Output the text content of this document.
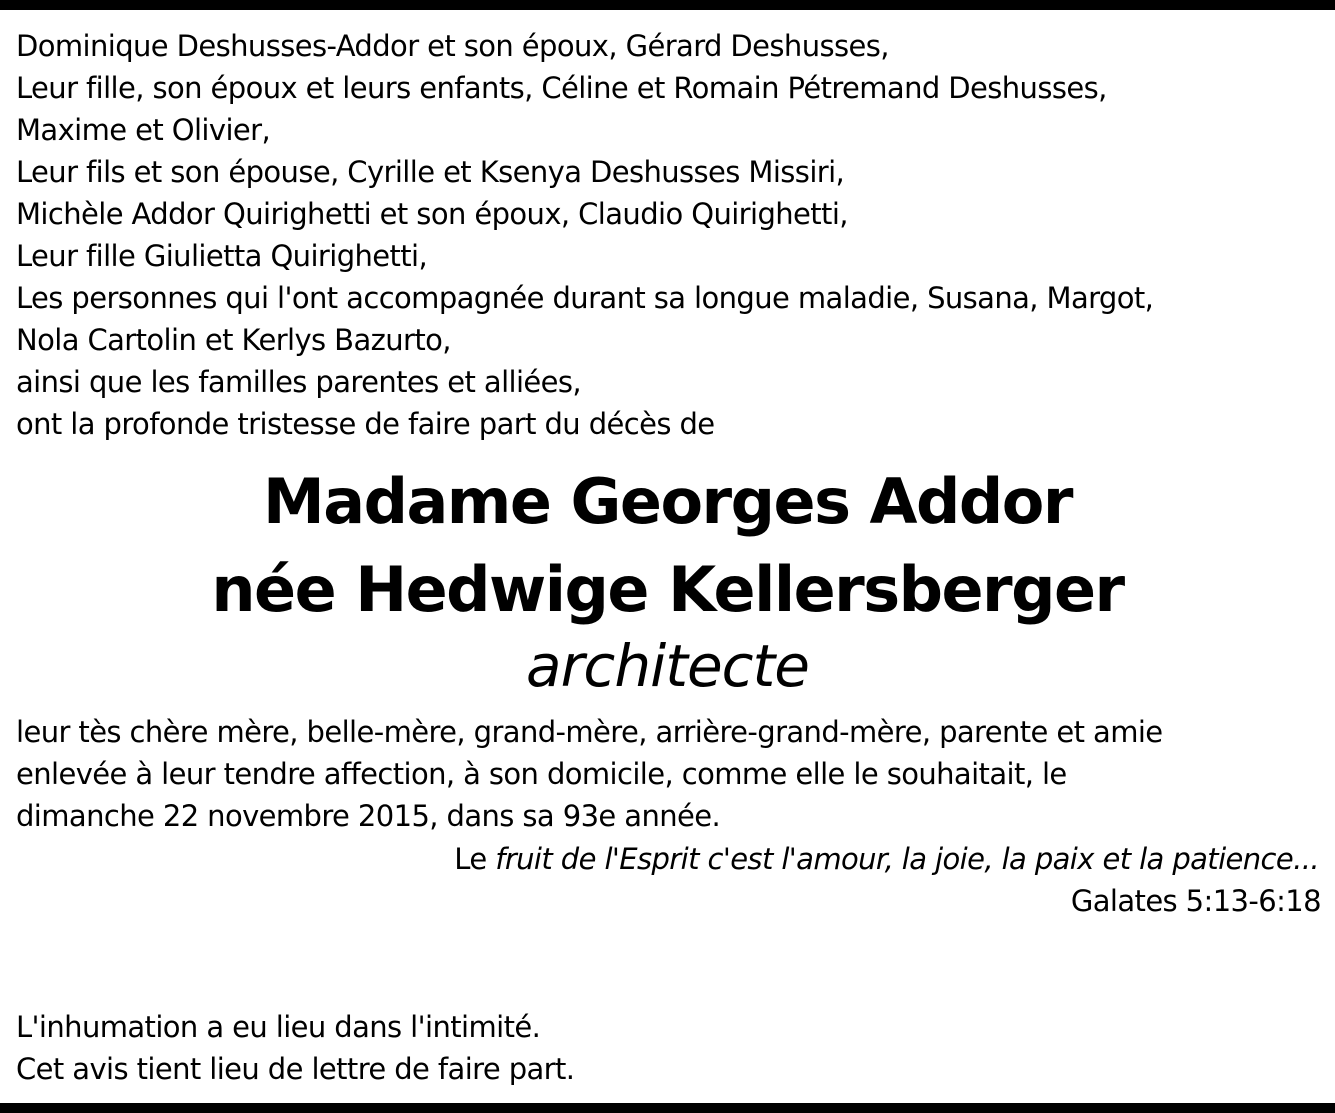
Dominique Deshusses-Addor et son époux, Gérard Deshusses,
Leur fille, son époux et leurs enfants, Céline et Romain Pétremand Deshusses,
Maxime et Olivier,
Leur fils et son épouse, Cyrille et Ksenya Deshusses Missiri,
Michèle Addor Quirighetti et son époux, Claudio Quirighetti,
Leur fille Giulietta Quirighetti,
Les personnes qui l'ont accompagnée durant sa longue maladie, Susana, Margot,
Nola Cartolin et Kerlys Bazurto,
ainsi que les familles parentes et alliées,
ont la profonde tristesse de faire part du décès de
Madame Georges Addor
née Hedwige Kellersberger
architecte
leur tès chère mère, belle-mère, grand-mère, arrière-grand-mère, parente et amie
enlevée à leur tendre affection, à son domicile, comme elle le souhaitait, le
dimanche 22 novembre 2015, dans sa 93e année.
Le fruit de l'Esprit c'est l'amour, la joie, la paix et la patience...
Galates 5:13-6:18
L'inhumation a eu lieu dans l'intimité.
Cet avis tient lieu de lettre de faire part.
